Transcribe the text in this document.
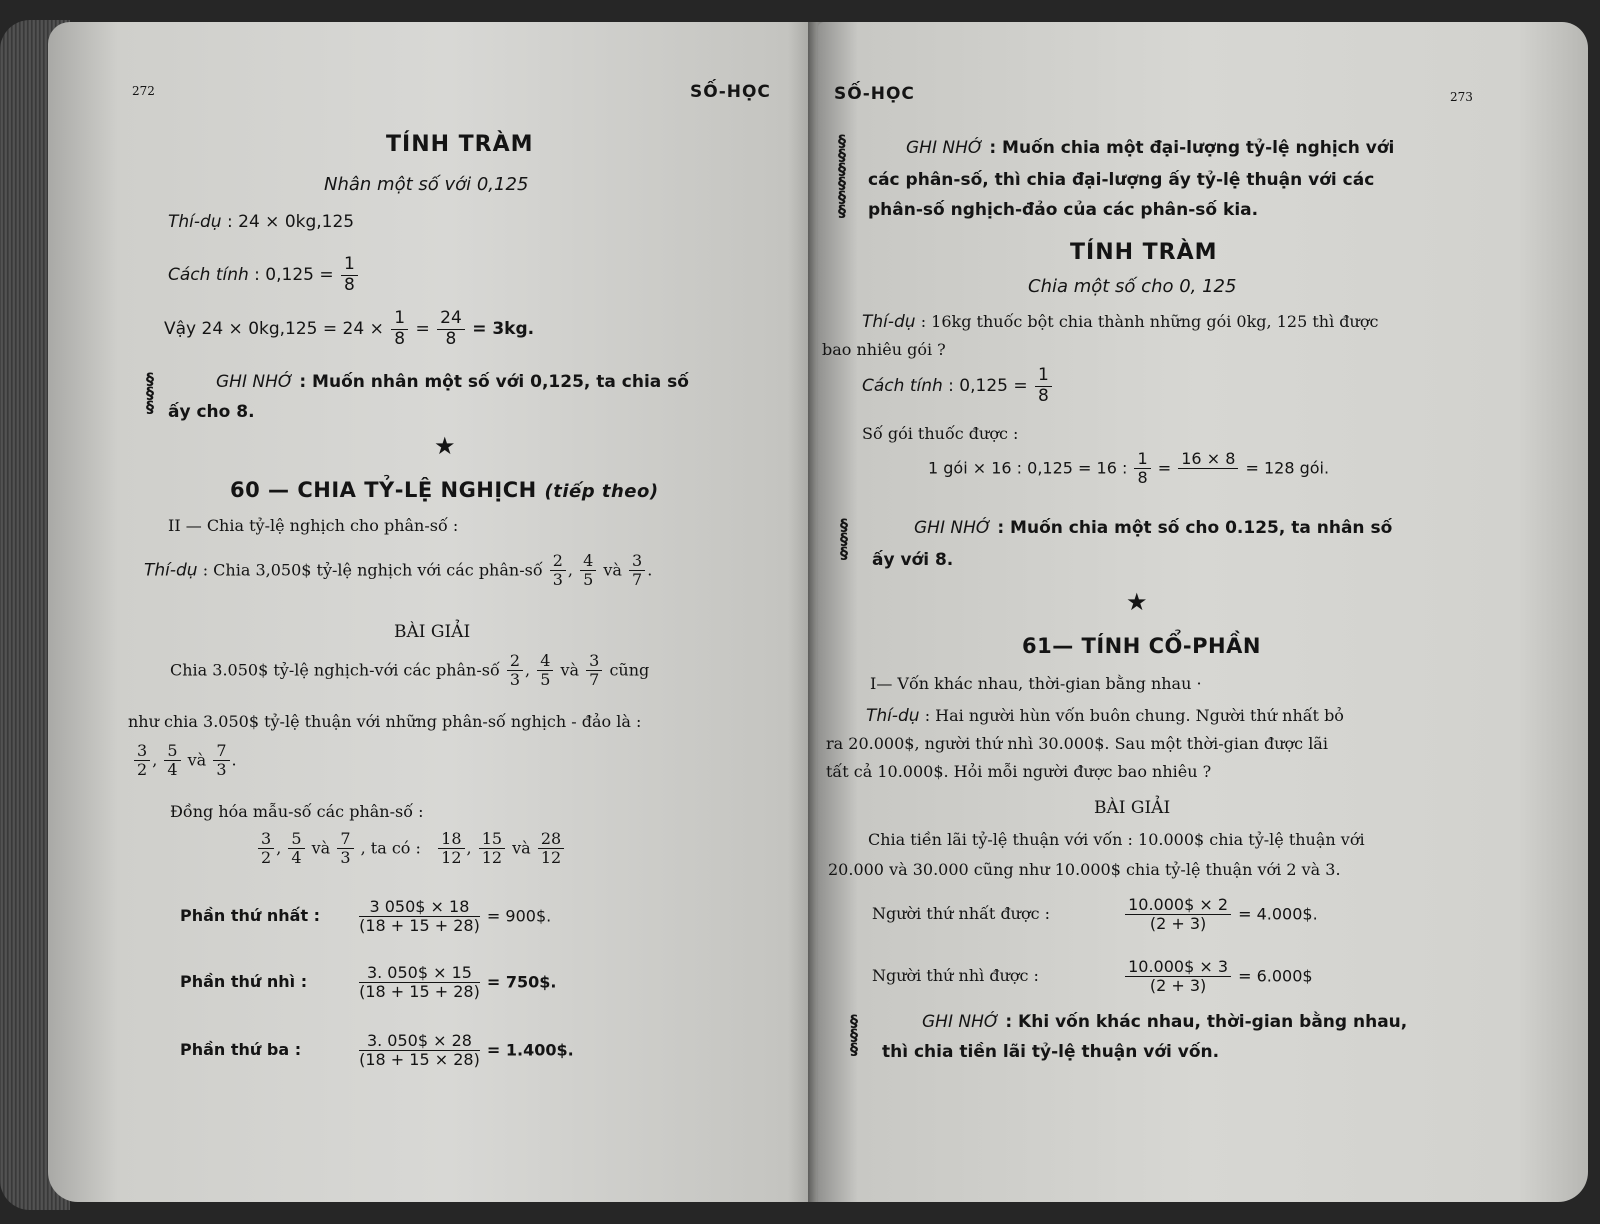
272	SỐ-HỌC
TÍNH TRÀM
Nhân một số với 0,125
Thí-dụ : 24 × 0kg,125
Cách tính : $0,125 = \frac{1}{8}$
Vậy $24 \times 0kg,125 = 24 \times \frac{1}{8} = \frac{24}{8} = 3kg$.
§
§
§
GHI NHỚ : Muốn nhân một số với 0,125, ta chia số
ấy cho 8.
★
60 — CHIA TỶ-LỆ NGHỊCH (tiếp theo)
II — Chia tỷ-lệ nghịch cho phân-số :
Thí-dụ : Chia 3,050$ tỷ-lệ nghịch với các phân-số $\frac{2}{3}$ , $\frac{4}{5}$ và $\frac{3}{7}$ .
BÀI GIẢI
Chia 3.050$ tỷ-lệ nghịch-với các phân-số $\frac{2}{3}$ , $\frac{4}{5}$ và $\frac{3}{7}$ cũng
như chia 3.050$ tỷ-lệ thuận với những phân-số nghịch - đảo là :
$\frac{3}{2}$ , $\frac{5}{4}$ và $\frac{7}{3}$ .
Đồng hóa mẫu-số các phân-số :
$\frac{3}{2}$ , $\frac{5}{4}$ và $\frac{7}{3}$ , ta có : $\frac{18}{12}$ , $\frac{15}{12}$ và $\frac{28}{12}$
Phần thứ nhất : $\frac{3 050\$ \times 18}{(18 + 15 + 28)}$ = 900$.
Phần thứ nhì :	$\frac{3. 050\$ \times 15}{(18 + 15 + 28)}$ = 750$.
Phần thứ ba :	$\frac{3. 050\$ \times 28}{(18 + 15 \times 28)}$ = 1.400$.
SỐ-HỌC	273
§
§
§
§
§
§
GHI NHỚ : Muốn chia một đại-lượng tỷ-lệ nghịch với
các phân-số, thì chia đại-lượng ấy tỷ-lệ thuận với các
phân-số nghịch-đảo của các phân-số kia.
TÍNH TRÀM
Chia một số cho 0, 125
Thí-dụ : 16kg thuốc bột chia thành những gói 0kg, 125 thì được
bao nhiêu gói ?
Cách tính : $0,125 = \frac{1}{8}$
Số gói thuốc được :
1 gói × 16 : 0,125 = 16 : $\frac{1}{8} = 16 \times 8$
= 128 gói.
§
§
§
GHI NHỚ : Muốn chia một số cho 0.125, ta nhân số
ấy với 8.
★
61— TÍNH CỔ-PHẦN
I— Vốn khác nhau, thời-gian bằng nhau ·
Thí-dụ : Hai người hùn vốn buôn chung. Người thứ nhất bỏ
ra 20.000$, người thứ nhì 30.000$. Sau một thời-gian được lãi
tất cả 10.000$. Hỏi mỗi người được bao nhiêu ?
BÀI GIẢI
Chia tiền lãi tỷ-lệ thuận với vốn : 10.000$ chia tỷ-lệ thuận với
20.000 và 30.000 cũng như 10.000$ chia tỷ-lệ thuận với 2 và 3.
Người thứ nhất được :	$\frac{10.000\$ \times 2}{(2 + 3)}$ = 4.000$.
Người thứ nhì được :	$\frac{10.000\$ \times 3}{(2 + 3)}$ = 6.000$
§
§
§
GHI NHỚ : Khi vốn khác nhau, thời-gian bằng nhau,
thì chia tiền lãi tỷ-lệ thuận với vốn.
